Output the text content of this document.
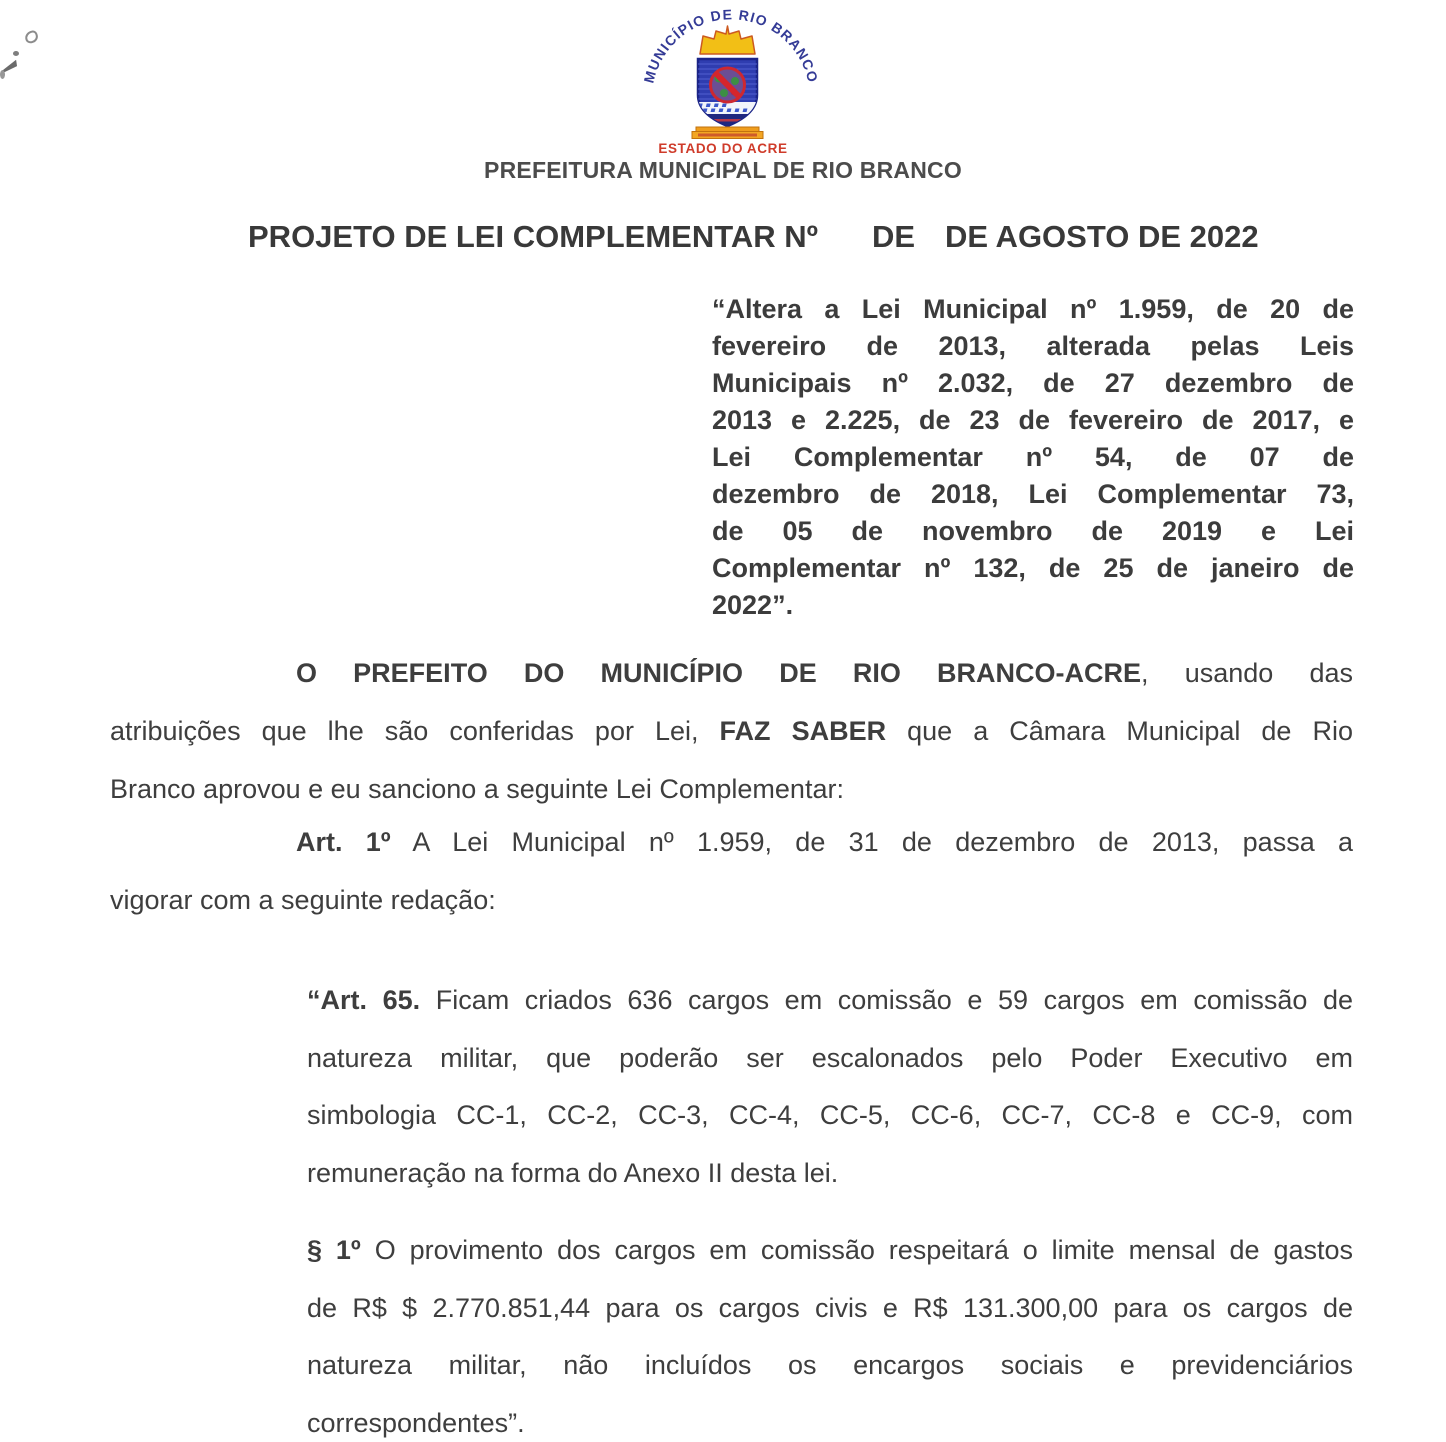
MUNICÍPIO DE RIO BRANCO
ESTADO DO ACRE
PREFEITURA MUNICIPAL DE RIO BRANCO
PROJETO DE LEI COMPLEMENTAR Nº DE DE AGOSTO DE 2022
“Altera a Lei Municipal nº 1.959, de 20 de
fevereiro de 2013, alterada pelas Leis
Municipais nº 2.032, de 27 dezembro de
2013 e 2.225, de 23 de fevereiro de 2017, e
Lei Complementar nº 54, de 07 de
dezembro de 2018, Lei Complementar 73,
de 05 de novembro de 2019 e Lei
Complementar nº 132, de 25 de janeiro de
2022”.
O PREFEITO DO MUNICÍPIO DE RIO BRANCO-ACRE, usando das
atribuições que lhe são conferidas por Lei, FAZ SABER que a Câmara Municipal de Rio
Branco aprovou e eu sanciono a seguinte Lei Complementar:
Art. 1º A Lei Municipal nº 1.959, de 31 de dezembro de 2013, passa a
vigorar com a seguinte redação:
“Art. 65. Ficam criados 636 cargos em comissão e 59 cargos em comissão de
natureza militar, que poderão ser escalonados pelo Poder Executivo em
simbologia CC-1, CC-2, CC-3, CC-4, CC-5, CC-6, CC-7, CC-8 e CC-9, com
remuneração na forma do Anexo II desta lei.
§ 1º O provimento dos cargos em comissão respeitará o limite mensal de gastos
de R$ $ 2.770.851,44 para os cargos civis e R$ 131.300,00 para os cargos de
natureza militar, não incluídos os encargos sociais e previdenciários
correspondentes”.
